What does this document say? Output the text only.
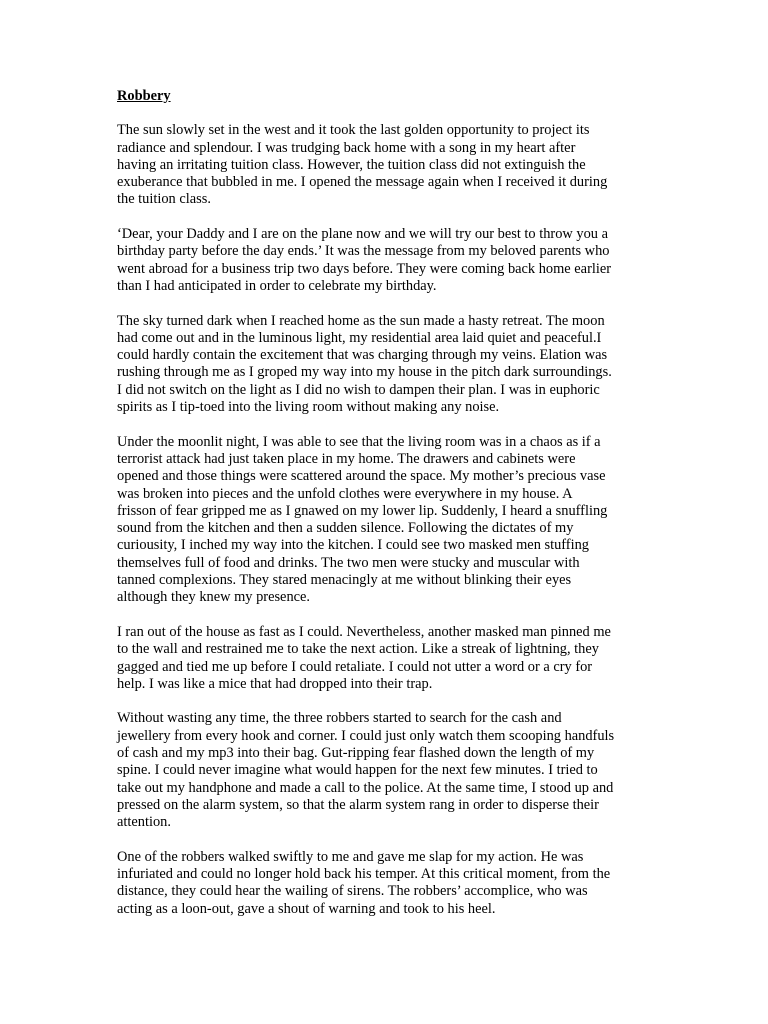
Robbery
The sun slowly set in the west and it took the last golden opportunity to project its
radiance and splendour. I was trudging back home with a song in my heart after
having an irritating tuition class. However, the tuition class did not extinguish the
exuberance that bubbled in me. I opened the message again when I received it during
the tuition class.
‘Dear, your Daddy and I are on the plane now and we will try our best to throw you a
birthday party before the day ends.’ It was the message from my beloved parents who
went abroad for a business trip two days before. They were coming back home earlier
than I had anticipated in order to celebrate my birthday.
The sky turned dark when I reached home as the sun made a hasty retreat. The moon
had come out and in the luminous light, my residential area laid quiet and peaceful.I
could hardly contain the excitement that was charging through my veins. Elation was
rushing through me as I groped my way into my house in the pitch dark surroundings.
I did not switch on the light as I did no wish to dampen their plan. I was in euphoric
spirits as I tip-toed into the living room without making any noise.
Under the moonlit night, I was able to see that the living room was in a chaos as if a
terrorist attack had just taken place in my home. The drawers and cabinets were
opened and those things were scattered around the space. My mother’s precious vase
was broken into pieces and the unfold clothes were everywhere in my house. A
frisson of fear gripped me as I gnawed on my lower lip. Suddenly, I heard a snuffling
sound from the kitchen and then a sudden silence. Following the dictates of my
curiousity, I inched my way into the kitchen. I could see two masked men stuffing
themselves full of food and drinks. The two men were stucky and muscular with
tanned complexions. They stared menacingly at me without blinking their eyes
although they knew my presence.
I ran out of the house as fast as I could. Nevertheless, another masked man pinned me
to the wall and restrained me to take the next action. Like a streak of lightning, they
gagged and tied me up before I could retaliate. I could not utter a word or a cry for
help. I was like a mice that had dropped into their trap.
Without wasting any time, the three robbers started to search for the cash and
jewellery from every hook and corner. I could just only watch them scooping handfuls
of cash and my mp3 into their bag. Gut-ripping fear flashed down the length of my
spine. I could never imagine what would happen for the next few minutes. I tried to
take out my handphone and made a call to the police. At the same time, I stood up and
pressed on the alarm system, so that the alarm system rang in order to disperse their
attention.
One of the robbers walked swiftly to me and gave me slap for my action. He was
infuriated and could no longer hold back his temper. At this critical moment, from the
distance, they could hear the wailing of sirens. The robbers’ accomplice, who was
acting as a loon-out, gave a shout of warning and took to his heel.
